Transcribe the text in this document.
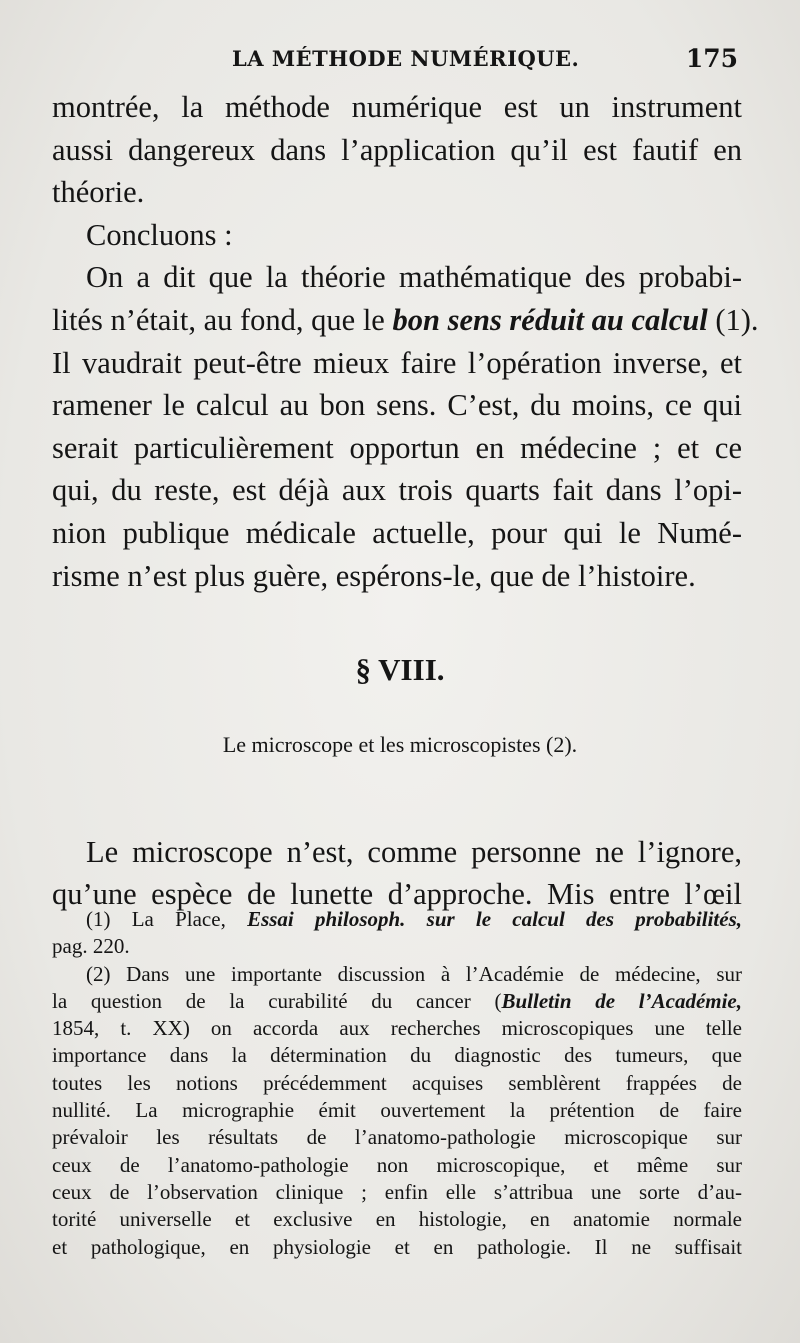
LA MÉTHODE NUMÉRIQUE.	175

montrée, la méthode numérique est un instrument
aussi dangereux dans l’application qu’il est fautif en
théorie.

Concluons :

On a dit que la théorie mathématique des probabi-
lités n’était, au fond, que le bon sens réduit au calcul (1).
Il vaudrait peut-être mieux faire l’opération inverse, et
ramener le calcul au bon sens. C’est, du moins, ce qui
serait particulièrement opportun en médecine ; et ce
qui, du reste, est déjà aux trois quarts fait dans l’opi-
nion publique médicale actuelle, pour qui le Numé-
risme n’est plus guère, espérons-le, que de l’histoire.

§ VIII.
Le microscope et les microscopistes (2).

Le microscope n’est, comme personne ne l’ignore,
qu’une espèce de lunette d’approche. Mis entre l’œil

(1) La Place, Essai philosoph. sur le calcul des probabilités,
pag. 220.
(2) Dans une importante discussion à l’Académie de médecine, sur
la question de la curabilité du cancer (Bulletin de l’Académie,
1854, t. XX) on accorda aux recherches microscopiques une telle
importance dans la détermination du diagnostic des tumeurs, que
toutes les notions précédemment acquises semblèrent frappées de
nullité. La micrographie émit ouvertement la prétention de faire
prévaloir les résultats de l’anatomo-pathologie microscopique sur
ceux de l’anatomo-pathologie non microscopique, et même sur
ceux de l’observation clinique ; enfin elle s’attribua une sorte d’au-
torité universelle et exclusive en histologie, en anatomie normale
et pathologique, en physiologie et en pathologie. Il ne suffisait
